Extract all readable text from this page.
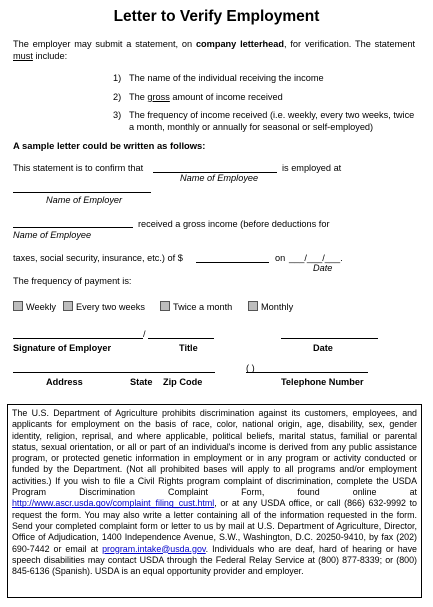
Letter to Verify Employment
The employer may submit a statement, on company letterhead, for verification. The statement must include:
1) The name of the individual receiving the income
2) The gross amount of income received
3) The frequency of income received (i.e. weekly, every two weeks, twice a month, monthly or annually for seasonal or self-employed)
A sample letter could be written as follows:
This statement is to confirm that	is employed at
Name of Employee
Name of Employer
received a gross income (before deductions for
Name of Employee
taxes, social security, insurance, etc.) of $	on ___/___/___.
Date
The frequency of payment is:
Weekly	Every two weeks	Twice a month	Monthly
/
Signature of Employer	Title	Date
( )
Address	State Zip Code	Telephone Number
The U.S. Department of Agriculture prohibits discrimination against its customers, employees, and applicants for employment on the basis of race, color, national origin, age, disability, sex, gender identity, religion, reprisal, and where applicable, political beliefs, marital status, familial or parental status, sexual orientation, or all or part of an individual's income is derived from any public assistance program, or protected genetic information in employment or in any program or activity conducted or funded by the Department. (Not all prohibited bases will apply to all programs and/or employment activities.) If you wish to file a Civil Rights program complaint of discrimination, complete the USDA Program Discrimination Complaint Form, found online at http://www.ascr.usda.gov/complaint_filing_cust.html, or at any USDA office, or call (866) 632-9992 to request the form. You may also write a letter containing all of the information requested in the form. Send your completed complaint form or letter to us by mail at U.S. Department of Agriculture, Director, Office of Adjudication, 1400 Independence Avenue, S.W., Washington, D.C. 20250-9410, by fax (202) 690-7442 or email at program.intake@usda.gov. Individuals who are deaf, hard of hearing or have speech disabilities may contact USDA through the Federal Relay Service at (800) 877-8339; or (800) 845-6136 (Spanish). USDA is an equal opportunity provider and employer.
